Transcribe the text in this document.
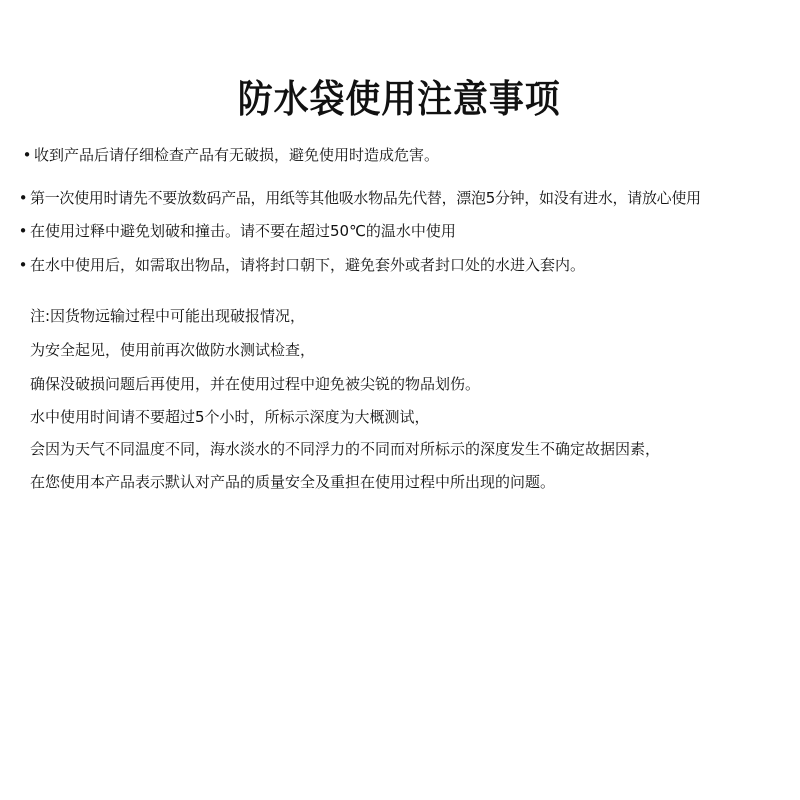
防水袋使用注意事项
• 收到产品后请仔细检查产品有无破损，避免使用时造成危害。
• 第一次使用时请先不要放数码产品，用纸等其他吸水物品先代替，漂泡5分钟，如没有进水，请放心使用
• 在使用过释中避免划破和撞击。请不要在超过50℃的温水中使用
• 在水中使用后，如需取出物品，请将封口朝下，避免套外或者封口处的水进入套内。
注:因货物远输过程中可能出现破报情况，
为安全起见，使用前再次做防水测试检查，
确保没破损问题后再使用，并在使用过程中迎免被尖锐的物品划伤。
水中使用时间请不要超过5个小时，所标示深度为大概测试，
会因为天气不同温度不同，海水淡水的不同浮力的不同而对所标示的深度发生不确定故据因素，
在您使用本产品表示默认对产品的质量安全及重担在使用过程中所出现的问题。
